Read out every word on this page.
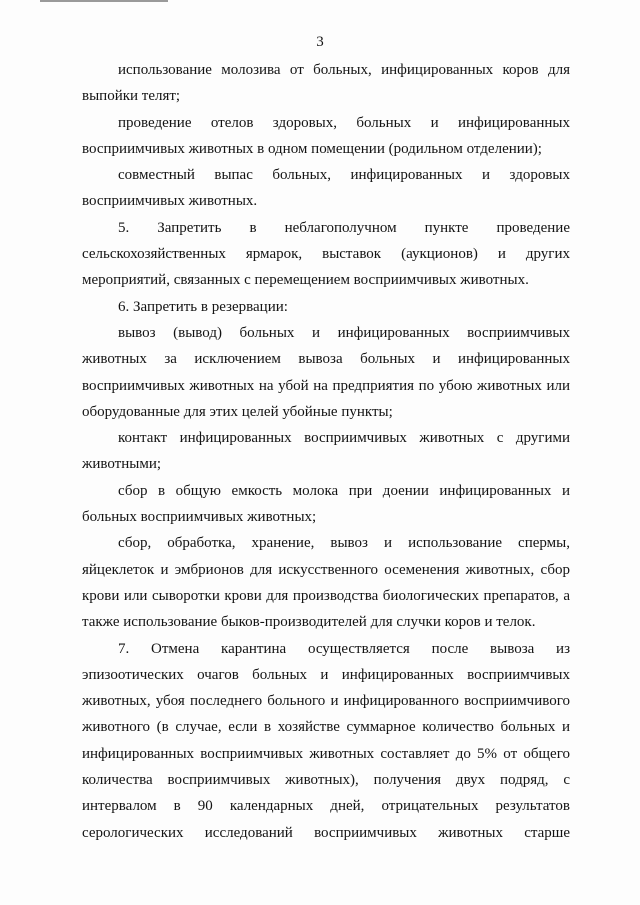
3
использование молозива от больных, инфицированных коров для
выпойки телят;
проведение отелов здоровых, больных и инфицированных
восприимчивых животных в одном помещении (родильном отделении);
совместный выпас больных, инфицированных и здоровых
восприимчивых животных.
5. Запретить в неблагополучном пункте проведение
сельскохозяйственных ярмарок, выставок (аукционов) и других
мероприятий, связанных с перемещением восприимчивых животных.
6. Запретить в резервации:
вывоз (вывод) больных и инфицированных восприимчивых
животных за исключением вывоза больных и инфицированных
восприимчивых животных на убой на предприятия по убою животных или
оборудованные для этих целей убойные пункты;
контакт инфицированных восприимчивых животных с другими
животными;
сбор в общую емкость молока при доении инфицированных и
больных восприимчивых животных;
сбор, обработка, хранение, вывоз и использование спермы,
яйцеклеток и эмбрионов для искусственного осеменения животных, сбор
крови или сыворотки крови для производства биологических препаратов, а
также использование быков-производителей для случки коров и телок.
7. Отмена карантина осуществляется после вывоза из
эпизоотических очагов больных и инфицированных восприимчивых
животных, убоя последнего больного и инфицированного восприимчивого
животного (в случае, если в хозяйстве суммарное количество больных и
инфицированных восприимчивых животных составляет до 5% от общего
количества восприимчивых животных), получения двух подряд, с
интервалом в 90 календарных дней, отрицательных результатов
серологических исследований восприимчивых животных старше
